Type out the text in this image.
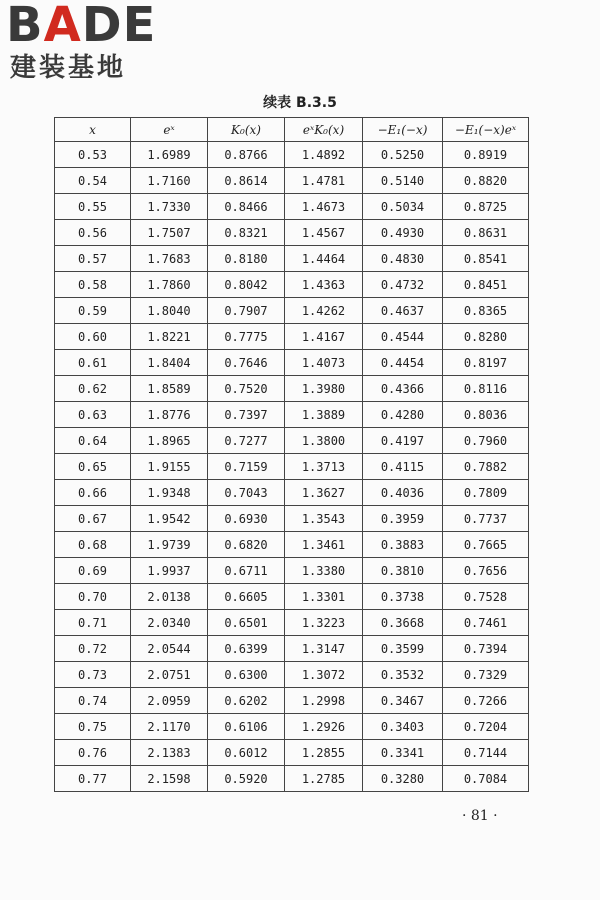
B A DE
建装基地
续表 B.3.5
x	eˣ	K₀(x)	eˣK₀(x)	−E₁(−x)	−E₁(−x)eˣ
0.53	1.6989	0.8766	1.4892	0.5250	0.8919
0.54	1.7160	0.8614	1.4781	0.5140	0.8820
0.55	1.7330	0.8466	1.4673	0.5034	0.8725
0.56	1.7507	0.8321	1.4567	0.4930	0.8631
0.57	1.7683	0.8180	1.4464	0.4830	0.8541
0.58	1.7860	0.8042	1.4363	0.4732	0.8451
0.59	1.8040	0.7907	1.4262	0.4637	0.8365
0.60	1.8221	0.7775	1.4167	0.4544	0.8280
0.61	1.8404	0.7646	1.4073	0.4454	0.8197
0.62	1.8589	0.7520	1.3980	0.4366	0.8116
0.63	1.8776	0.7397	1.3889	0.4280	0.8036
0.64	1.8965	0.7277	1.3800	0.4197	0.7960
0.65	1.9155	0.7159	1.3713	0.4115	0.7882
0.66	1.9348	0.7043	1.3627	0.4036	0.7809
0.67	1.9542	0.6930	1.3543	0.3959	0.7737
0.68	1.9739	0.6820	1.3461	0.3883	0.7665
0.69	1.9937	0.6711	1.3380	0.3810	0.7656
0.70	2.0138	0.6605	1.3301	0.3738	0.7528
0.71	2.0340	0.6501	1.3223	0.3668	0.7461
0.72	2.0544	0.6399	1.3147	0.3599	0.7394
0.73	2.0751	0.6300	1.3072	0.3532	0.7329
0.74	2.0959	0.6202	1.2998	0.3467	0.7266
0.75	2.1170	0.6106	1.2926	0.3403	0.7204
0.76	2.1383	0.6012	1.2855	0.3341	0.7144
0.77	2.1598	0.5920	1.2785	0.3280	0.7084
· 81 ·
